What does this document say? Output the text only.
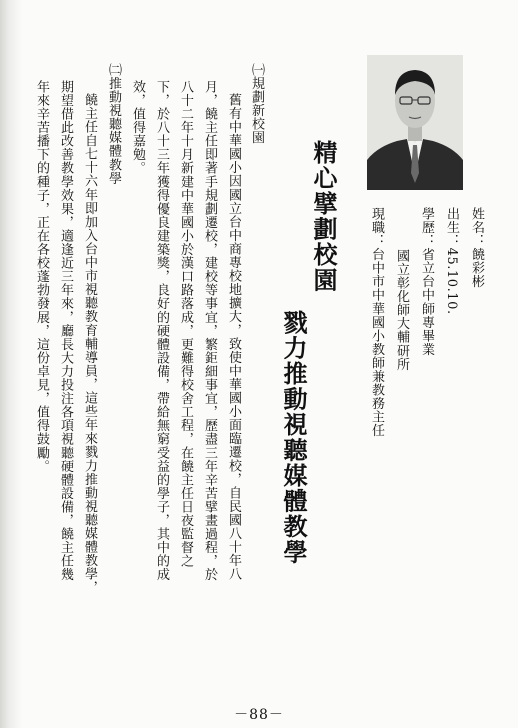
姓名：饒彩彬
出生：45.10.10.
學歷：省立台中師專畢業
國立彰化師大輔研所
現職：台中市中華國小教師兼教務主任
精心擘劃校園
戮力推動視聽媒體教學
㈠規劃新校園
舊有中華國小因國立台中商專校地擴大，致使中華國小面臨遷校，自民國八十年八
月，饒主任即著手規劃遷校，建校等事宜，繁鉅細事宜，歷盡三年辛苦擘畫過程，於
八十二年十月新建中華國小於漢口路落成，更難得校舍工程，在饒主任日夜監督之
下，於八十三年獲得優良建築獎，良好的硬體設備，帶給無窮受益的學子，其中的成
效，值得嘉勉。
㈡推動視聽媒體教學
饒主任自七十六年即加入台中市視聽教育輔導員，這些年來戮力推動視聽媒體教學，
期望借此改善教學效果，適逢近三年來，廳長大力投注各項視聽硬體設備，饒主任幾
年來辛苦播下的種子，正在各校蓬勃發展，這份卓見，值得鼓勵。
－88－
